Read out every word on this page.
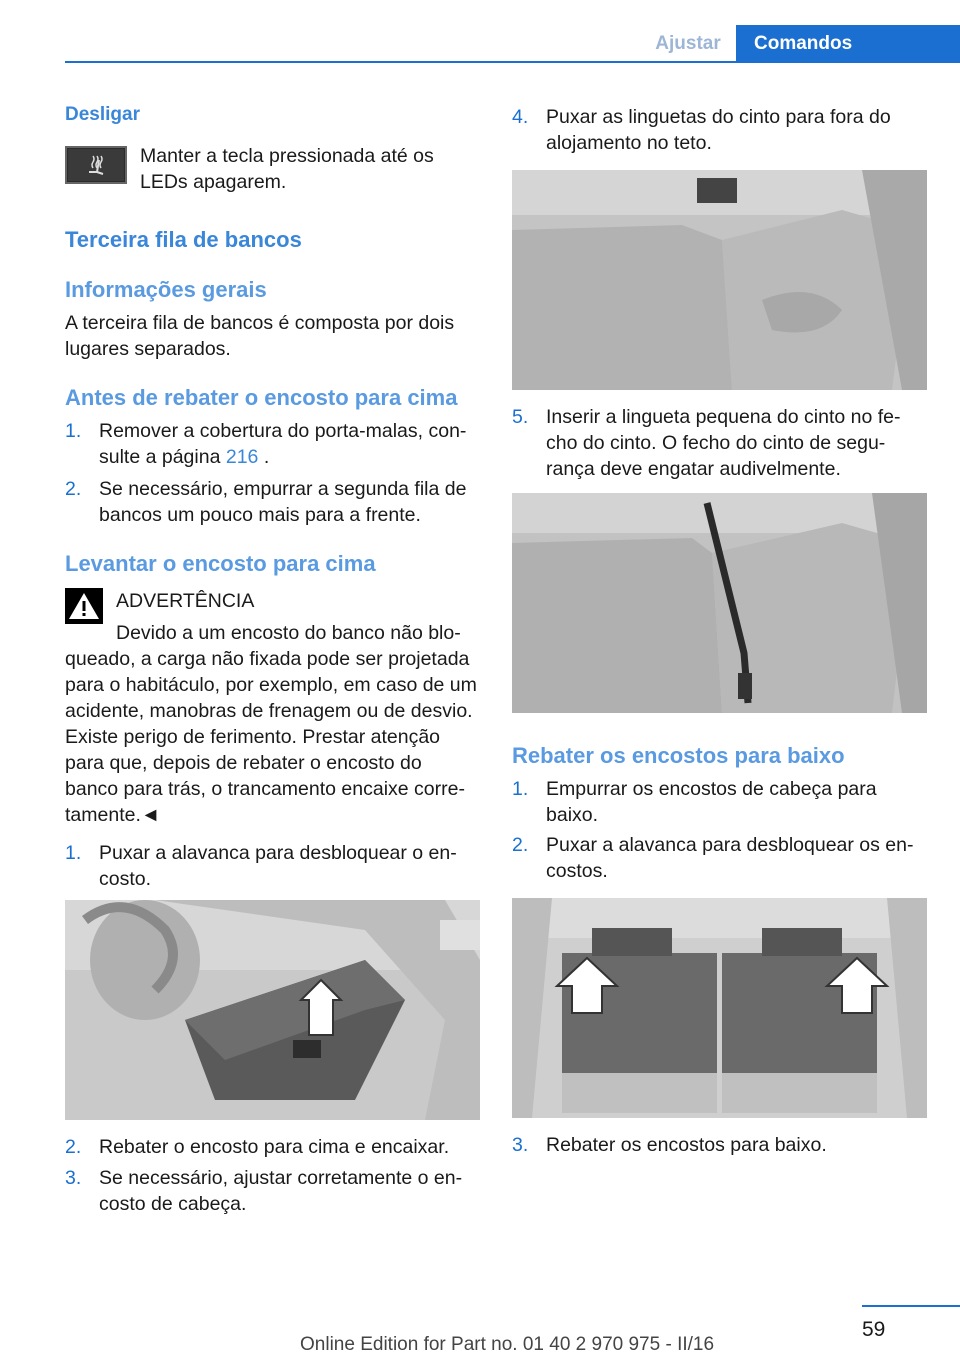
Ajustar	Comandos
Desligar
Manter a tecla pressionada até os LEDs apagarem.
Terceira fila de bancos
Informações gerais
A terceira fila de bancos é composta por dois lugares separados.
Antes de rebater o encosto para cima
1. Remover a cobertura do porta-malas, con-
sulte a página 216 .
2. Se necessário, empurrar a segunda fila de
bancos um pouco mais para a frente.
Levantar o encosto para cima
ADVERTÊNCIA
Devido a um encosto do banco não blo-
queado, a carga não fixada pode ser projetada
para o habitáculo, por exemplo, em caso de um
acidente, manobras de frenagem ou de desvio.
Existe perigo de ferimento. Prestar atenção
para que, depois de rebater o encosto do
banco para trás, o trancamento encaixe corre-
tamente.◄
1. Puxar a alavanca para desbloquear o en-
costo.
2. Rebater o encosto para cima e encaixar.
3. Se necessário, ajustar corretamente o en-
costo de cabeça.
4. Puxar as linguetas do cinto para fora do
alojamento no teto.
5. Inserir a lingueta pequena do cinto no fe-
cho do cinto. O fecho do cinto de segu-
rança deve engatar audivelmente.
Rebater os encostos para baixo
1. Empurrar os encostos de cabeça para
baixo.
2. Puxar a alavanca para desbloquear os en-
costos.
3. Rebater os encostos para baixo.
59
Online Edition for Part no. 01 40 2 970 975 - II/16
